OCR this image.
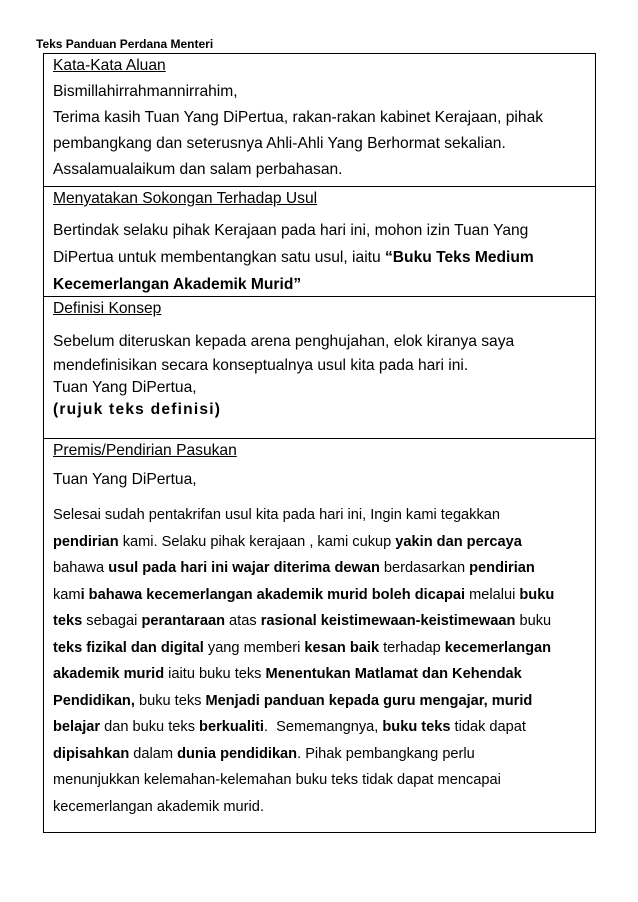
Teks Panduan Perdana Menteri
Kata-Kata Aluan
Bismillahirrahmannirrahim,
Terima kasih Tuan Yang DiPertua, rakan-rakan kabinet Kerajaan, pihak
pembangkang dan seterusnya Ahli-Ahli Yang Berhormat sekalian.
Assalamualaikum dan salam perbahasan.
Menyatakan Sokongan Terhadap Usul
Bertindak selaku pihak Kerajaan pada hari ini, mohon izin Tuan Yang
DiPertua untuk membentangkan satu usul, iaitu “Buku Teks Medium
Kecemerlangan Akademik Murid”
Definisi Konsep
Sebelum diteruskan kepada arena penghujahan, elok kiranya saya
mendefinisikan secara konseptualnya usul kita pada hari ini.
Tuan Yang DiPertua,
(rujuk teks definisi)
Premis/Pendirian Pasukan
Tuan Yang DiPertua,
Selesai sudah pentakrifan usul kita pada hari ini, Ingin kami tegakkan
pendirian kami. Selaku pihak kerajaan , kami cukup yakin dan percaya
bahawa usul pada hari ini wajar diterima dewan berdasarkan pendirian
kami bahawa kecemerlangan akademik murid boleh dicapai melalui buku
teks sebagai perantaraan atas rasional keistimewaan-keistimewaan buku
teks fizikal dan digital yang memberi kesan baik terhadap kecemerlangan
akademik murid iaitu buku teks Menentukan Matlamat dan Kehendak
Pendidikan, buku teks Menjadi panduan kepada guru mengajar, murid
belajar dan buku teks berkualiti.  Sememangnya, buku teks tidak dapat
dipisahkan dalam dunia pendidikan. Pihak pembangkang perlu
menunjukkan kelemahan-kelemahan buku teks tidak dapat mencapai
kecemerlangan akademik murid.
